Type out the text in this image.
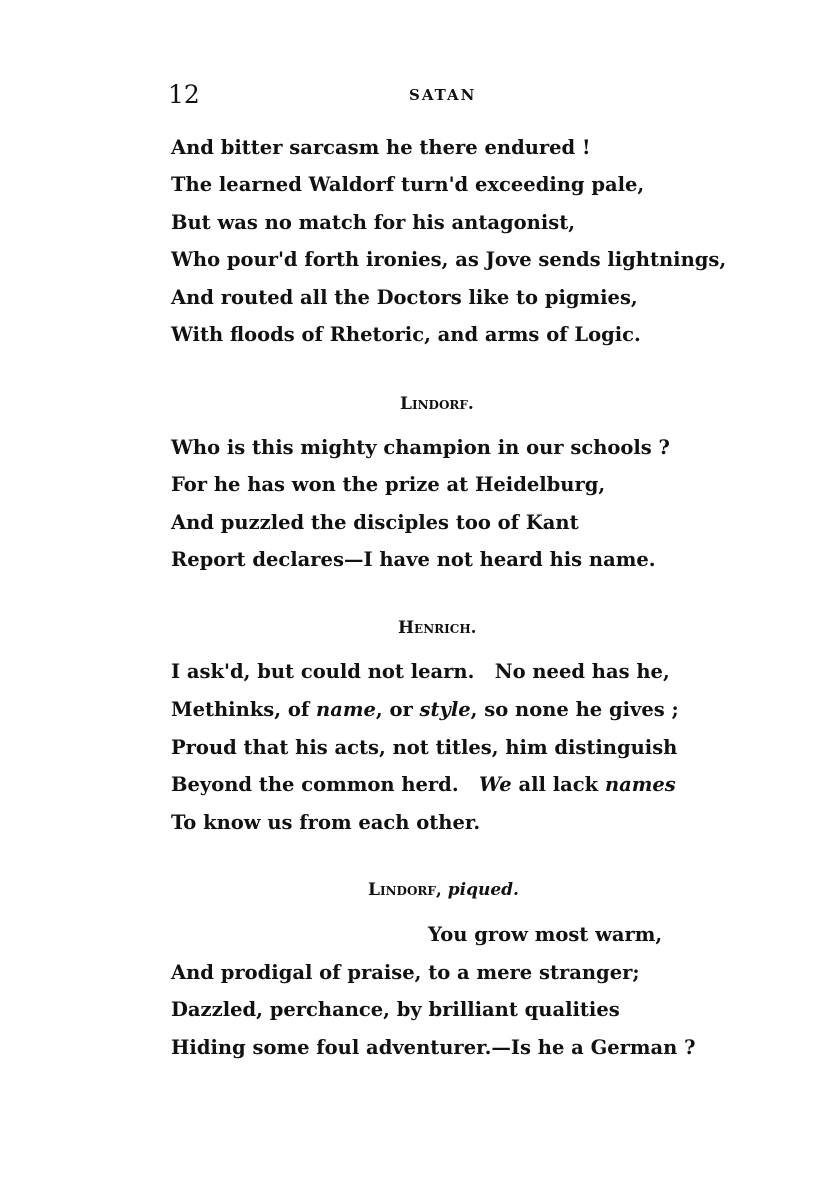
12	SATAN
And bitter sarcasm he there endured !
The learned Waldorf turn'd exceeding pale,
But was no match for his antagonist,
Who pour'd forth ironies, as Jove sends lightnings,
And routed all the Doctors like to pigmies,
With floods of Rhetoric, and arms of Logic.
Lindorf.
Who is this mighty champion in our schools ?
For he has won the prize at Heidelburg,
And puzzled the disciples too of Kant
Report declares—I have not heard his name.
Henrich.
I ask'd, but could not learn.   No need has he,
Methinks, of name, or style, so none he gives ;
Proud that his acts, not titles, him distinguish
Beyond the common herd.   We all lack names
To know us from each other.
Lindorf, piqued.
You grow most warm,
And prodigal of praise, to a mere stranger;
Dazzled, perchance, by brilliant qualities
Hiding some foul adventurer.—Is he a German ?
